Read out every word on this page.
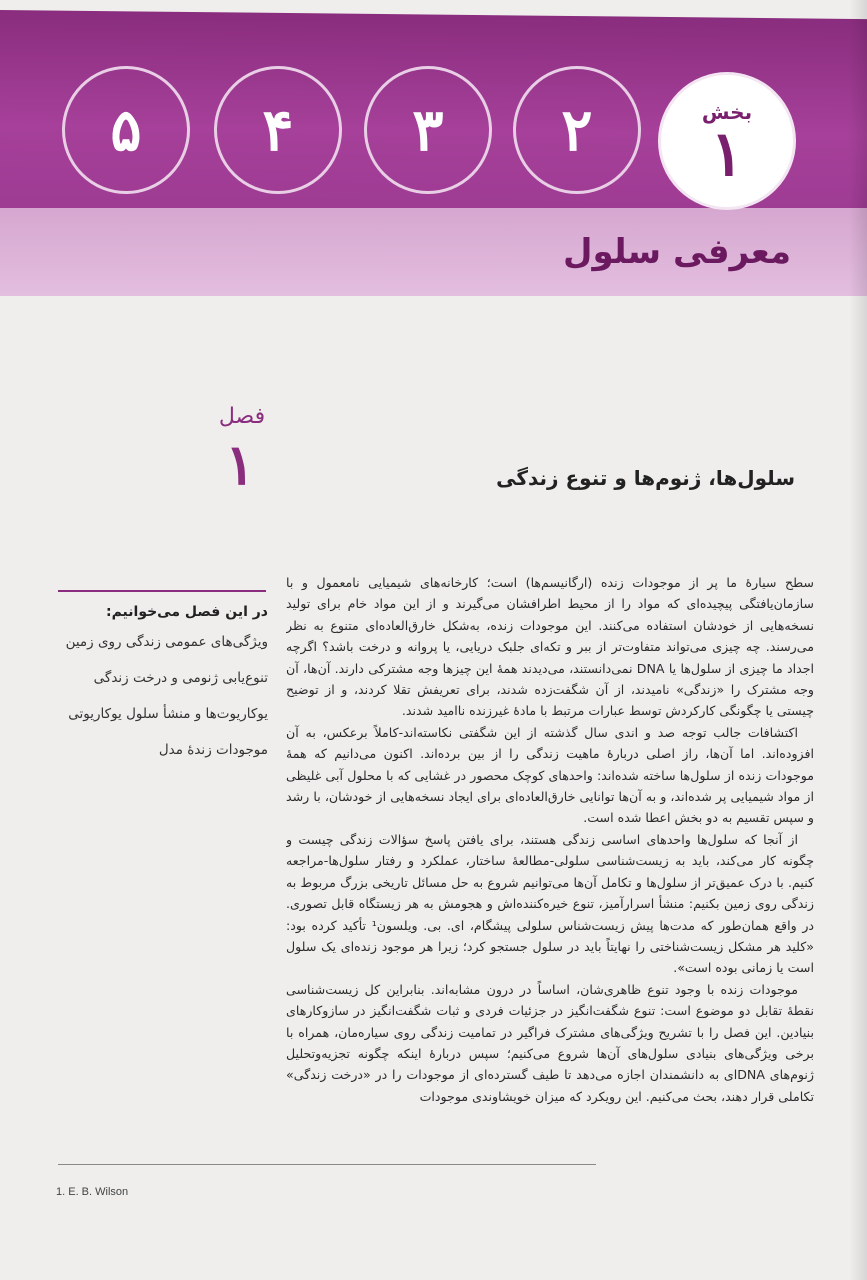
۵ ۴ ۳ ۲	بخش
۱
معرفی سلول
فصل
۱	سلول‌ها، ژنوم‌ها و تنوع زندگی
در این فصل می‌خوانیم:
ویژگی‌های عمومی زندگی روی زمین
تنوع‌یابی ژنومی و درخت زندگی
یوکاریوت‌ها و منشأ سلول یوکاریوتی
موجودات زندهٔ مدل

سطح سیارهٔ ما پر از موجودات زنده (ارگانیسم‌ها) است؛ کارخانه‌های شیمیایی نامعمول و با سازمان‌یافتگی پیچیده‌ای که مواد را از محیط اطرافشان می‌گیرند و از این مواد خام برای تولید نسخه‌هایی از خودشان استفاده می‌کنند. این موجودات زنده، به‌شکل خارق‌العاده‌ای متنوع به نظر می‌رسند. چه چیزی می‌تواند متفاوت‌تر از ببر و تکه‌ای جلبک دریایی، یا پروانه و درخت باشد؟ اگرچه اجداد ما چیزی از سلول‌ها یا DNA نمی‌دانستند، می‌دیدند همهٔ این چیزها وجه مشترکی دارند. آن‌ها، آن وجه مشترک را «زندگی» نامیدند، از آن شگفت‌زده شدند، برای تعریفش تقلا کردند، و از توضیح چیستی یا چگونگی کارکردش توسط عبارات مرتبط با مادهٔ غیرزنده ناامید شدند.

اکتشافات جالب توجه صد و اندی سال گذشته از این شگفتی نکاسته‌اند-کاملاً برعکس، به آن افزوده‌اند. اما آن‌ها، راز اصلی دربارهٔ ماهیت زندگی را از بین برده‌اند. اکنون می‌دانیم که همهٔ موجودات زنده از سلول‌ها ساخته شده‌اند: واحدهای کوچک محصور در غشایی که با محلول آبی غلیظی از مواد شیمیایی پر شده‌اند، و به آن‌ها توانایی خارق‌العاده‌ای برای ایجاد نسخه‌هایی از خودشان، با رشد و سپس تقسیم به دو بخش اعطا شده است.

از آنجا که سلول‌ها واحدهای اساسی زندگی هستند، برای یافتن پاسخ سؤالات زندگی چیست و چگونه کار می‌کند، باید به زیست‌شناسی سلولی-مطالعهٔ ساختار، عملکرد و رفتار سلول‌ها-مراجعه کنیم. با درک عمیق‌تر از سلول‌ها و تکامل آن‌ها می‌توانیم شروع به حل مسائل تاریخی بزرگ مربوط به زندگی روی زمین بکنیم: منشأ اسرارآمیز، تنوع خیره‌کننده‌اش و هجومش به هر زیستگاه قابل تصوری. در واقع همان‌طور که مدت‌ها پیش زیست‌شناس سلولی پیشگام، ای. بی. ویلسون¹ تأکید کرده بود: «کلید هر مشکل زیست‌شناختی را نهایتاً باید در سلول جستجو کرد؛ زیرا هر موجود زنده‌ای یک سلول است یا زمانی بوده است».

موجودات زنده با وجود تنوع ظاهری‌شان، اساساً در درون مشابه‌اند. بنابراین کل زیست‌شناسی نقطهٔ تقابل دو موضوع است: تنوع شگفت‌انگیز در جزئیات فردی و ثبات شگفت‌انگیز در سازوکارهای بنیادین. این فصل را با تشریح ویژگی‌های مشترک فراگیر در تمامیت زندگی روی سیاره‌مان، همراه با برخی ویژگی‌های بنیادی سلول‌های آن‌ها شروع می‌کنیم؛ سپس دربارهٔ اینکه چگونه تجزیه‌وتحلیل ژنوم‌های DNAای به دانشمندان اجازه می‌دهد تا طیف گسترده‌ای از موجودات را در «درخت زندگی» تکاملی قرار دهند، بحث می‌کنیم. این رویکرد که میزان خویشاوندی موجودات

1. E. B. Wilson
